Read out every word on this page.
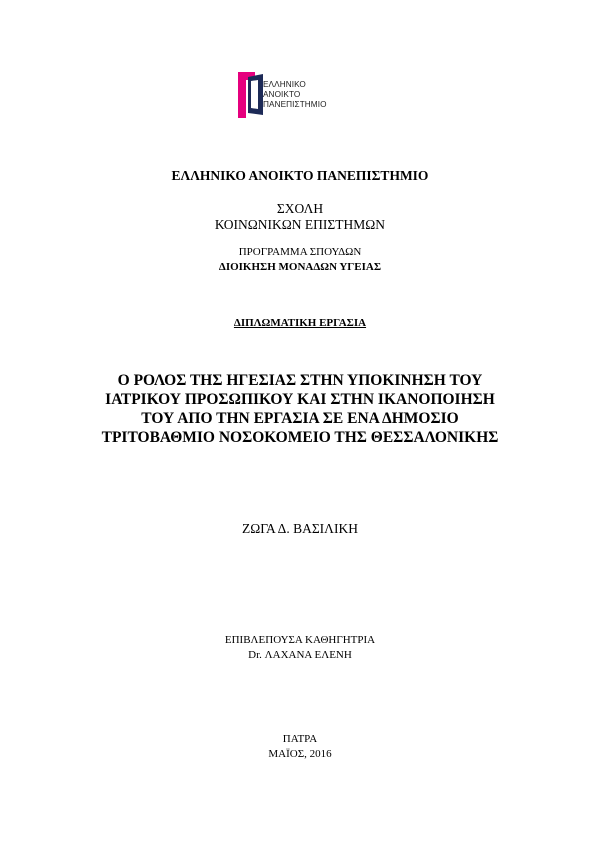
ΕΛΛΗΝΙΚΟ
ΑΝΟΙΚΤΟ
ΠΑΝΕΠΙΣΤΗΜΙΟ
ΕΛΛΗΝΙΚΟ ΑΝΟΙΚΤΟ ΠΑΝΕΠΙΣΤΗΜΙΟ
ΣΧΟΛΗ
ΚΟΙΝΩΝΙΚΩΝ ΕΠΙΣΤΗΜΩΝ
ΠΡΟΓΡΑΜΜΑ ΣΠΟΥΔΩΝ
ΔΙΟΙΚΗΣΗ ΜΟΝΑΔΩΝ ΥΓΕΙΑΣ
ΔΙΠΛΩΜΑΤΙΚΗ ΕΡΓΑΣΙΑ
Ο ΡΟΛΟΣ ΤΗΣ ΗΓΕΣΙΑΣ ΣΤΗΝ ΥΠΟΚΙΝΗΣΗ ΤΟΥ
ΙΑΤΡΙΚΟΥ ΠΡΟΣΩΠΙΚΟΥ ΚΑΙ ΣΤΗΝ ΙΚΑΝΟΠΟΙΗΣΗ
ΤΟΥ ΑΠΟ ΤΗΝ ΕΡΓΑΣΙΑ ΣΕ ΕΝΑ ΔΗΜΟΣΙΟ
ΤΡΙΤΟΒΑΘΜΙΟ ΝΟΣΟΚΟΜΕΙΟ ΤΗΣ ΘΕΣΣΑΛΟΝΙΚΗΣ
ΖΩΓΑ Δ. ΒΑΣΙΛΙΚΗ
ΕΠΙΒΛΕΠΟΥΣΑ ΚΑΘΗΓΗΤΡΙΑ
Dr. ΛΑΧΑΝΑ ΕΛΕΝΗ
ΠΑΤΡΑ
ΜΑΪΟΣ, 2016
